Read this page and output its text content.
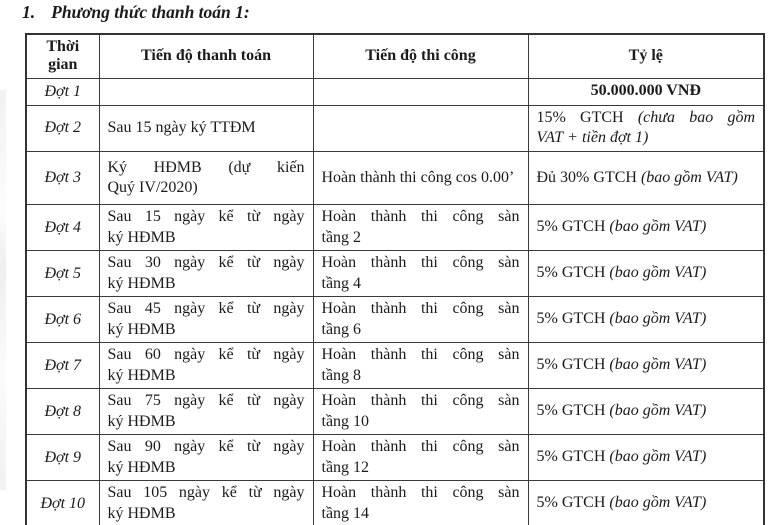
1. Phương thức thanh toán 1:
Thời gian	Tiến độ thanh toán	Tiến độ thi công	Tỷ lệ
Đợt 1			50.000.000 VNĐ
Đợt 2	Sau 15 ngày ký TTĐM		15% GTCH (chưa bao gồm VAT + tiền đợt 1)
Đợt 3	Ký HĐMB (dự kiến Quý IV/2020)	Hoàn thành thi công cos 0.00’	Đủ 30% GTCH (bao gồm VAT)
Đợt 4	Sau 15 ngày kể từ ngày ký HĐMB	Hoàn thành thi công sàn tầng 2	5% GTCH (bao gồm VAT)
Đợt 5	Sau 30 ngày kể từ ngày ký HĐMB	Hoàn thành thi công sàn tầng 4	5% GTCH (bao gồm VAT)
Đợt 6	Sau 45 ngày kể từ ngày ký HĐMB	Hoàn thành thi công sàn tầng 6	5% GTCH (bao gồm VAT)
Đợt 7	Sau 60 ngày kể từ ngày ký HĐMB	Hoàn thành thi công sàn tầng 8	5% GTCH (bao gồm VAT)
Đợt 8	Sau 75 ngày kể từ ngày ký HĐMB	Hoàn thành thi công sàn tầng 10	5% GTCH (bao gồm VAT)
Đợt 9	Sau 90 ngày kể từ ngày ký HĐMB	Hoàn thành thi công sàn tầng 12	5% GTCH (bao gồm VAT)
Đợt 10	Sau 105 ngày kể từ ngày ký HĐMB	Hoàn thành thi công sàn tầng 14	5% GTCH (bao gồm VAT)
